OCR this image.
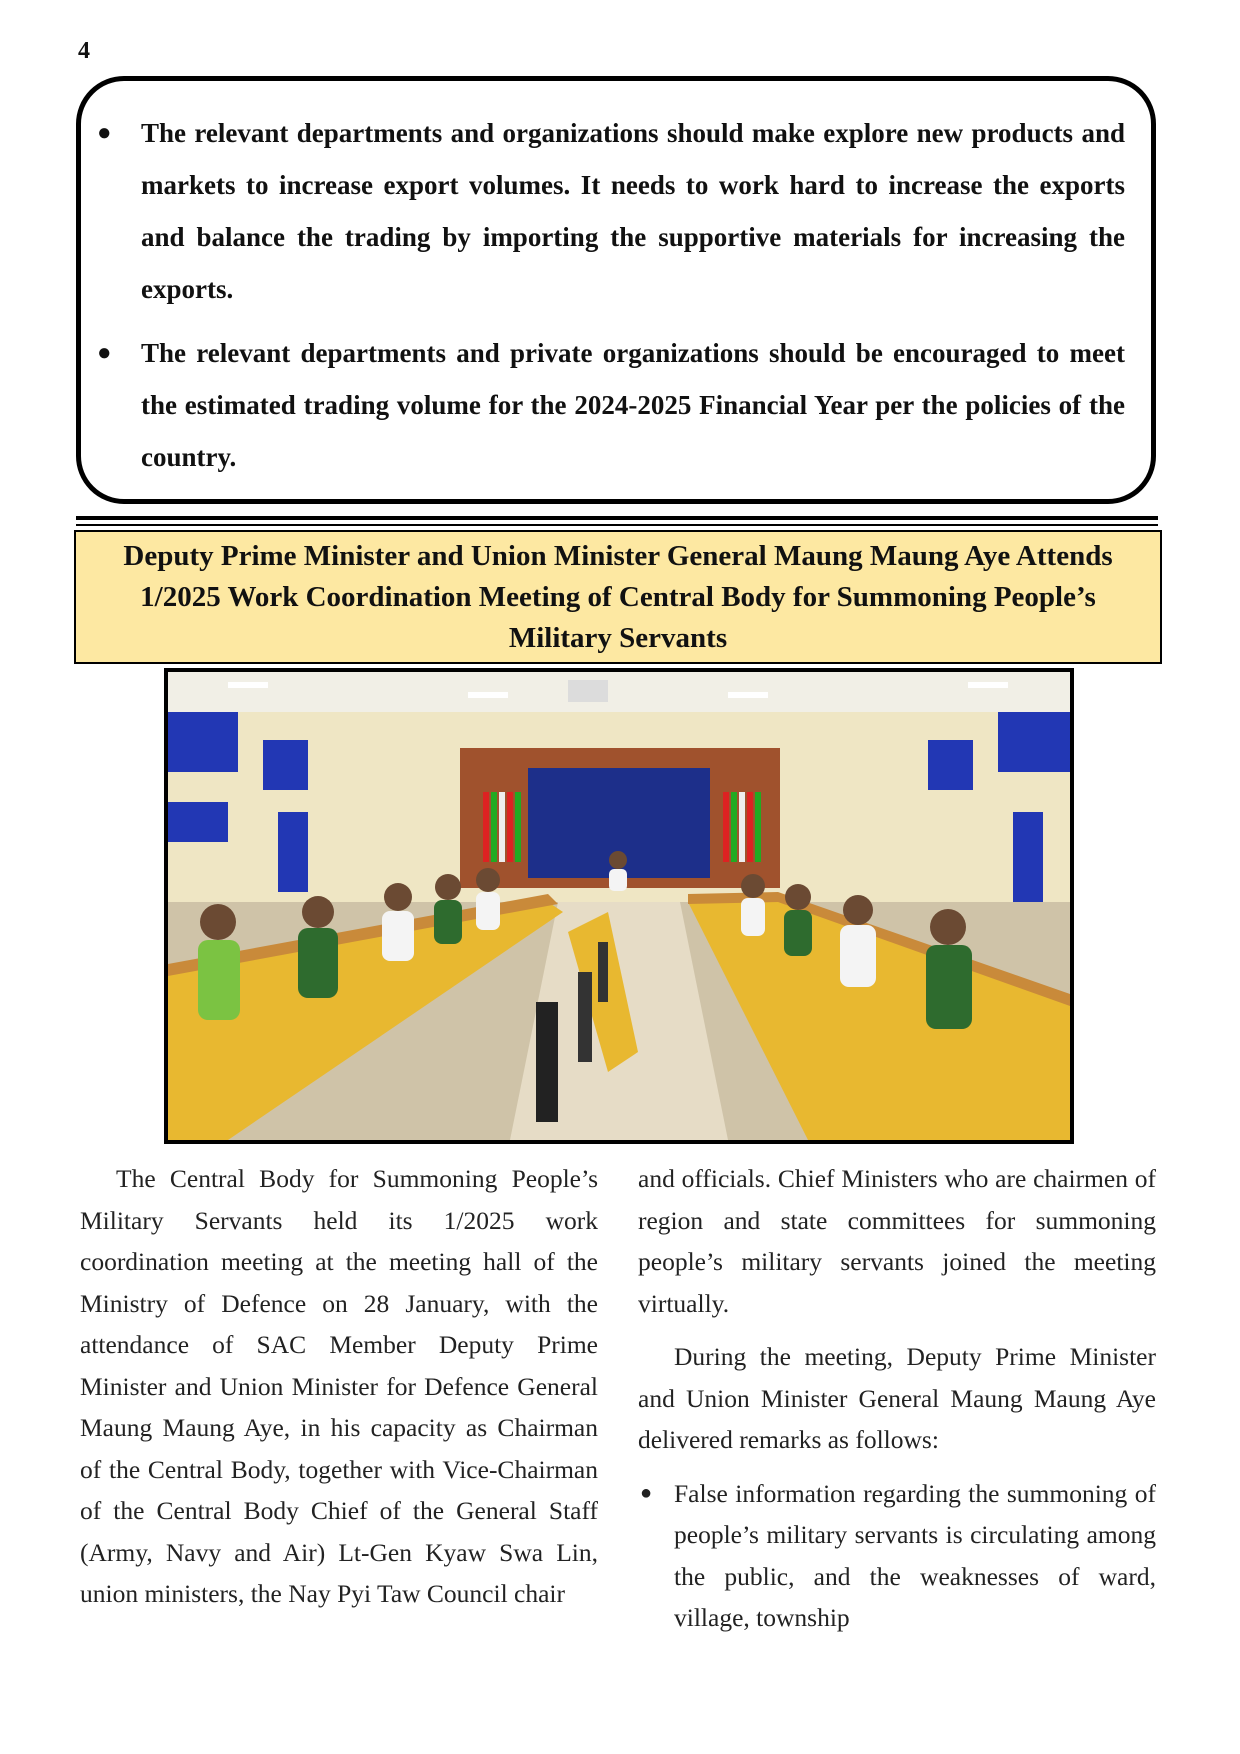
4
● The relevant departments and organizations should make explore new products and markets to increase export volumes. It needs to work hard to increase the exports and balance the trading by importing the supportive materials for increasing the exports.
● The relevant departments and private organizations should be encouraged to meet the estimated trading volume for the 2024-2025 Financial Year per the policies of the country.
Deputy Prime Minister and Union Minister General Maung Maung Aye Attends
1/2025 Work Coordination Meeting of Central Body for Summoning People’s
Military Servants

The Central Body for Summoning People’s Military Servants held its 1/2025 work coordination meeting at the meeting hall of the Ministry of Defence on 28 January, with the attendance of SAC Member Deputy Prime Minister and Union Minister for Defence General Maung Maung Aye, in his capacity as Chairman of the Central Body, together with Vice-Chairman of the Central Body Chief of the General Staff (Army, Navy and Air) Lt-Gen Kyaw Swa Lin, union ministers, the Nay Pyi Taw Council chair

and officials. Chief Ministers who are chairmen of region and state committees for summoning people’s military servants joined the meeting virtually.

During the meeting, Deputy Prime Minister and Union Minister General Maung Maung Aye delivered remarks as follows:

● False information regarding the summoning of people’s military servants is circulating among the public, and the weaknesses of ward, village, township
